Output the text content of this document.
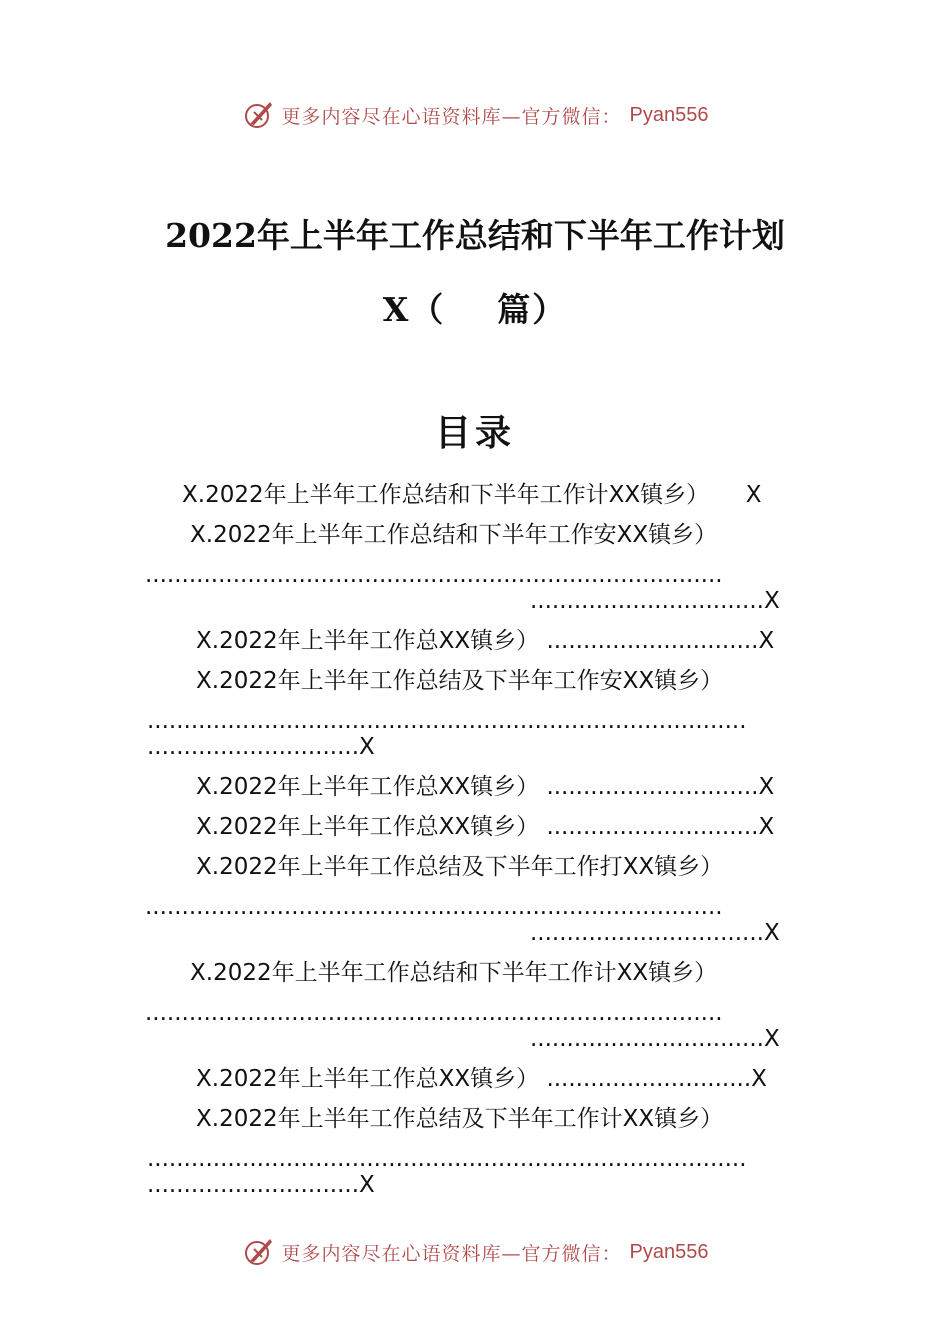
更多内容尽在心语资料库—官方微信： Pyan556
2022年上半年工作总结和下半年工作计划
X（ 篇）
目录
X.2022年上半年工作总结和下半年工作计XX镇乡） X
X.2022年上半年工作总结和下半年工作安XX镇乡）
...............................................................................
................................X
X.2022年上半年工作总XX镇乡） .............................X
X.2022年上半年工作总结及下半年工作安XX镇乡）
..................................................................................
.............................X
X.2022年上半年工作总XX镇乡） .............................X
X.2022年上半年工作总XX镇乡） .............................X
X.2022年上半年工作总结及下半年工作打XX镇乡）
...............................................................................
................................X
X.2022年上半年工作总结和下半年工作计XX镇乡）
...............................................................................
................................X
X.2022年上半年工作总XX镇乡） ............................X
X.2022年上半年工作总结及下半年工作计XX镇乡）
..................................................................................
.............................X
更多内容尽在心语资料库—官方微信： Pyan556
